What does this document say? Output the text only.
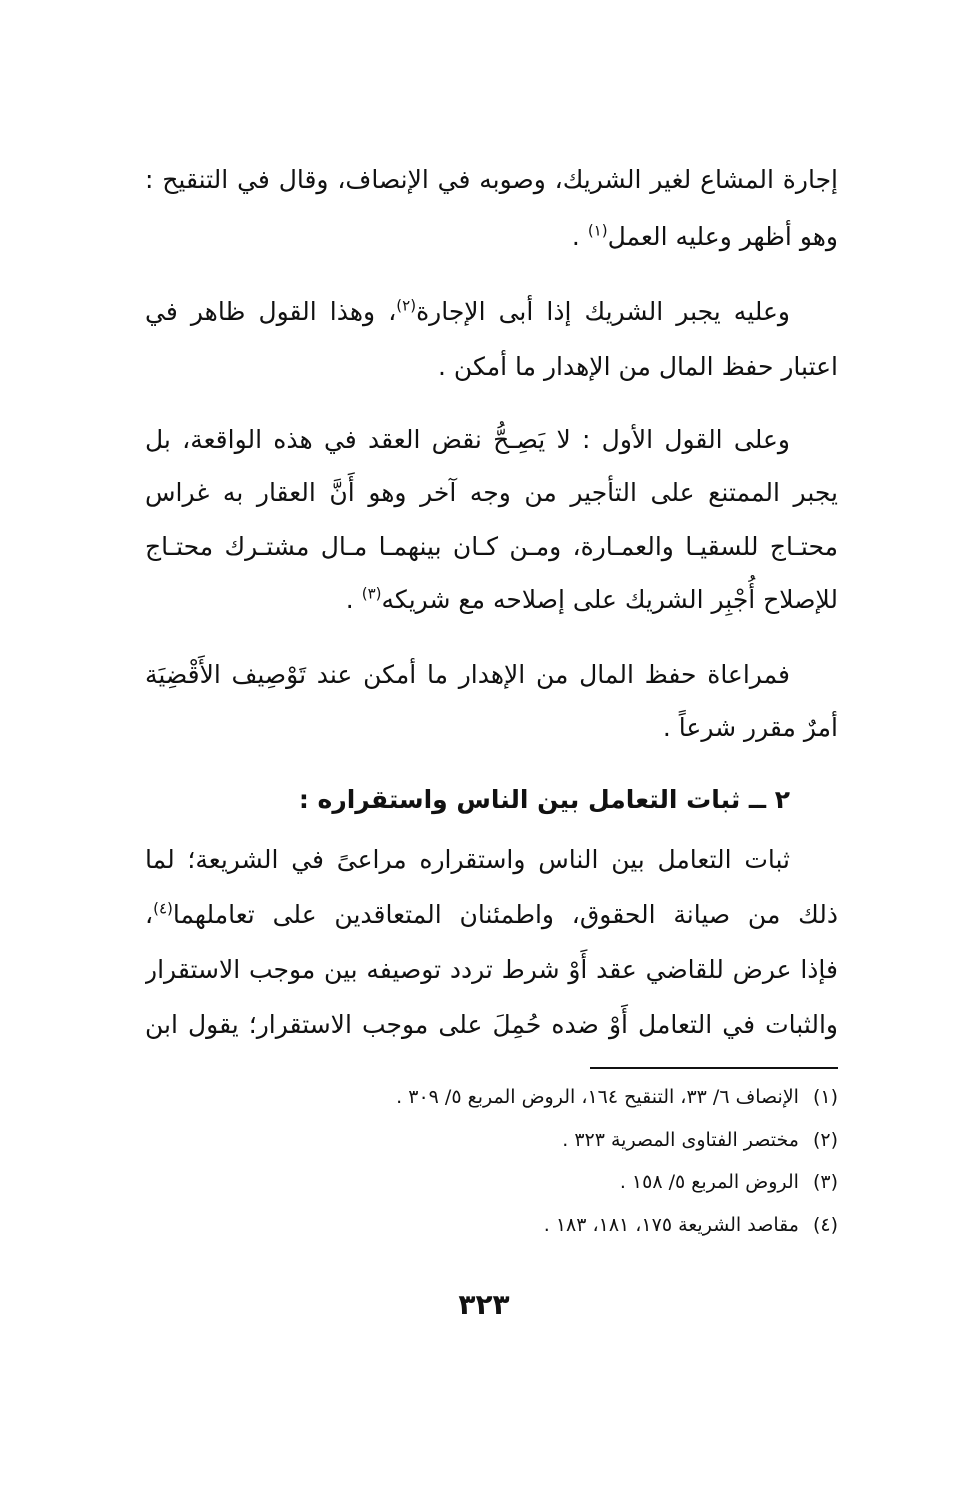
إجارة المشاع لغير الشريك، وصوبه في الإنصاف، وقال في التنقيح :
وهو أظهر وعليه العمل$^{(١)}$ .
وعليه يجبر الشريك إذا أبى الإجارة$^{(٢)}$، وهذا القول ظاهر في
اعتبار حفظ المال من الإهدار ما أمكن .
وعلى القول الأول : لا يَصِـحُّ نقض العقد في هذه الواقعة، بل
يجبر الممتنع على التأجير من وجه آخر وهو أَنَّ العقار به غراس
محتـاج للسقيـا والعمـارة، ومـن كـان بينهمـا مـال مشتـرك محتـاج
للإصلاح أُجْبِر الشريك على إصلاحه مع شريكه$^{(٣)}$ .
فمراعاة حفظ المال من الإهدار ما أمكن عند تَوْصِيف الأَقْضِيَة
أمرٌ مقرر شرعاً .
٢ ــ ثبات التعامل بين الناس واستقراره :
ثبات التعامل بين الناس واستقراره مراعىً في الشريعة؛ لما
ذلك من صيانة الحقوق، واطمئنان المتعاقدين على تعاملهما$^{(٤)}$،
فإذا عرض للقاضي عقد أَوْ شرط تردد توصيفه بين موجب الاستقرار
والثبات في التعامل أَوْ ضده حُمِلَ على موجب الاستقرار؛ يقول ابن
(١)الإنصاف ٦/ ٣٣، التنقيح ١٦٤، الروض المربع ٥/ ٣٠٩ .
(٢)مختصر الفتاوى المصرية ٣٢٣ .
(٣)الروض المربع ٥/ ١٥٨ .
(٤)مقاصد الشريعة ١٧٥، ١٨١، ١٨٣ .
٣٢٣
